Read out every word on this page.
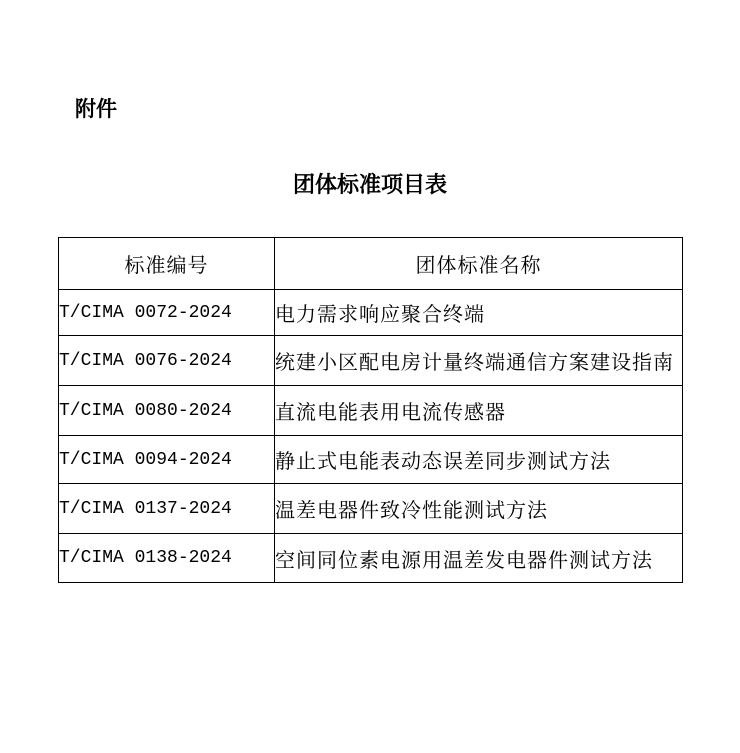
附件
团体标准项目表
标准编号	团体标准名称
T/CIMA 0072-2024	电力需求响应聚合终端
T/CIMA 0076-2024	统建小区配电房计量终端通信方案建设指南
T/CIMA 0080-2024	直流电能表用电流传感器
T/CIMA 0094-2024	静止式电能表动态误差同步测试方法
T/CIMA 0137-2024	温差电器件致冷性能测试方法
T/CIMA 0138-2024	空间同位素电源用温差发电器件测试方法
